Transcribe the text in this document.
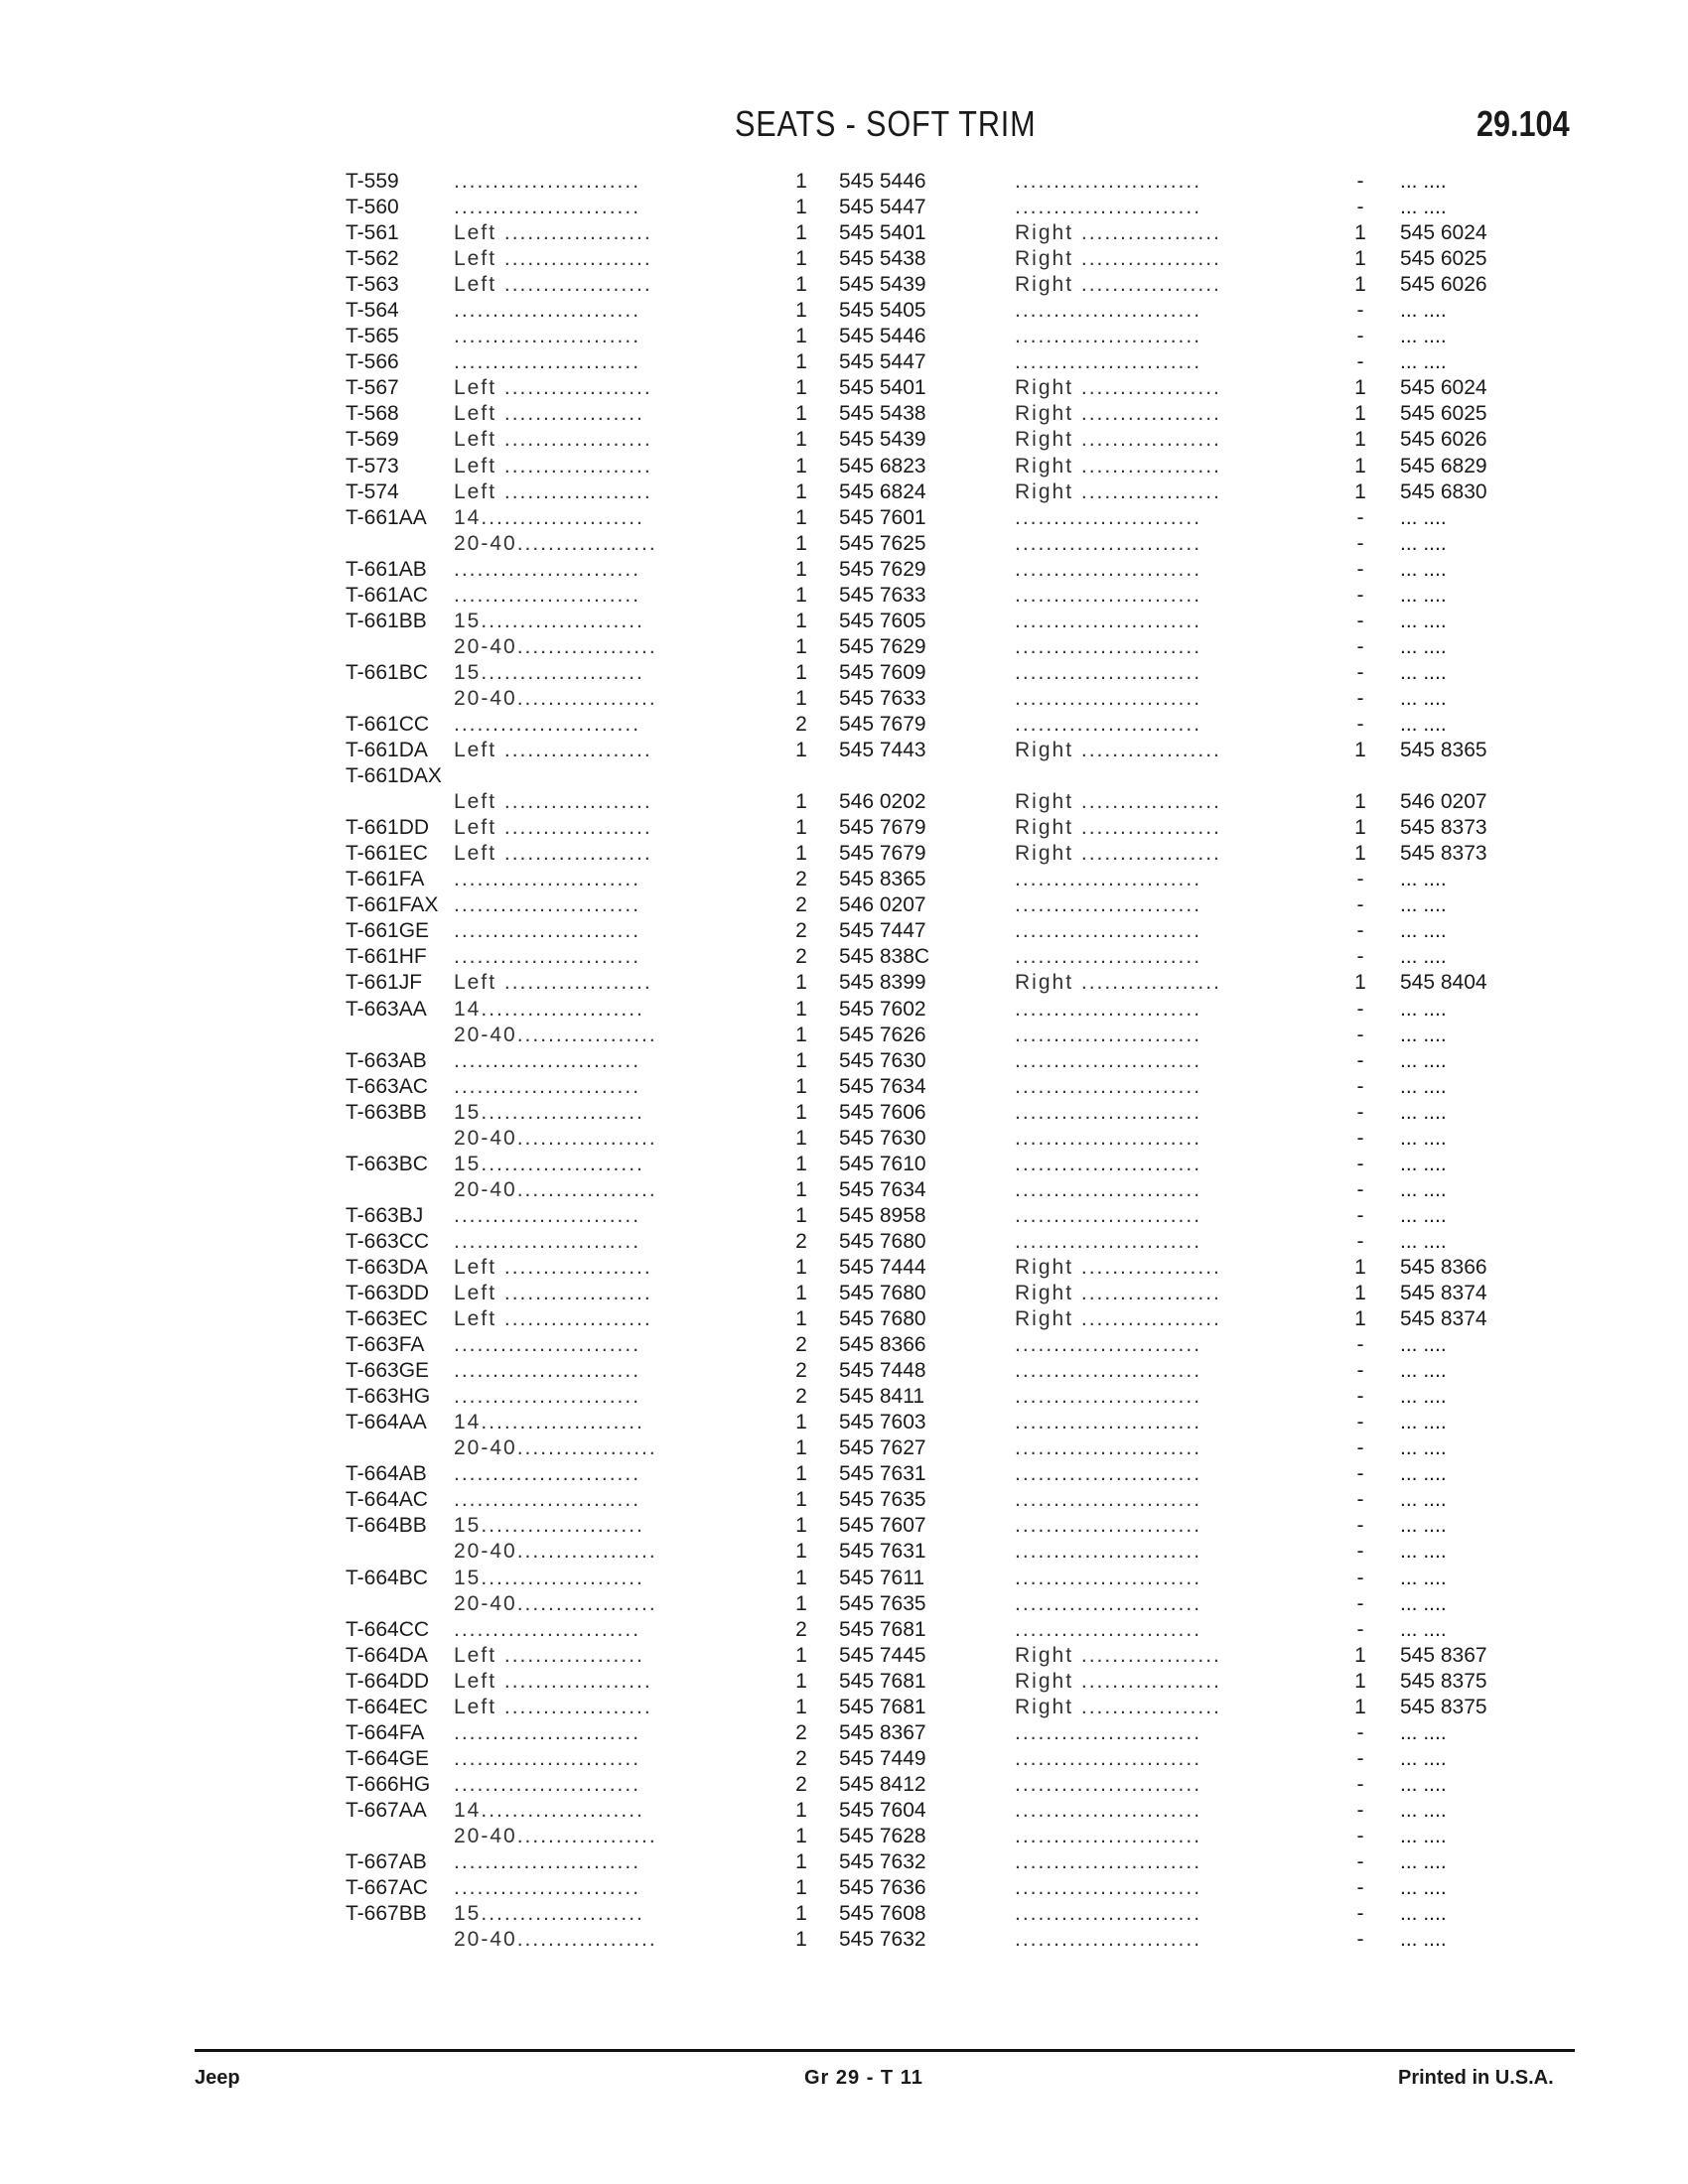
SEATS - SOFT TRIM	29.104
T-559	........................	1 545 5446	........................	- ... ....
T-560	........................	1 545 5447	........................	- ... ....
T-561	Left ...................	1 545 5401	Right ..................	1 545 6024
T-562	Left ...................	1 545 5438	Right ..................	1 545 6025
T-563	Left ...................	1 545 5439	Right ..................	1 545 6026
T-564	........................	1 545 5405	........................	- ... ....
T-565	........................	1 545 5446	........................	- ... ....
T-566	........................	1 545 5447	........................	- ... ....
T-567	Left ...................	1 545 5401	Right ..................	1 545 6024
T-568	Left ..................	1 545 5438	Right ..................	1 545 6025
T-569	Left ...................	1 545 5439	Right ..................	1 545 6026
T-573	Left ...................	1 545 6823	Right ..................	1 545 6829
T-574	Left ...................	1 545 6824	Right ..................	1 545 6830
T-661AA 14.....................	1 545 7601	........................	- ... ....
20-40..................	1 545 7625	........................	- ... ....
T-661AB ........................	1 545 7629	........................	- ... ....
T-661AC ........................	1 545 7633	........................	- ... ....
T-661BB 15.....................	1 545 7605	........................	- ... ....
20-40..................	1 545 7629	........................	- ... ....
T-661BC 15.....................	1 545 7609	........................	- ... ....
20-40..................	1 545 7633	........................	- ... ....
T-661CC ........................	2 545 7679	........................	- ... ....
T-661DA Left ...................	1 545 7443	Right ..................	1 545 8365
T-661DAX
Left ...................	1 546 0202	Right ..................	1 546 0207
T-661DD Left ...................	1 545 7679	Right ..................	1 545 8373
T-661EC Left ...................	1 545 7679	Right ..................	1 545 8373
T-661FA ........................	2 545 8365	........................	- ... ....
T-661FAX ........................	2 546 0207	........................	- ... ....
T-661GE ........................	2 545 7447	........................	- ... ....
T-661HF ........................	2 545 838C	........................	- ... ....
T-661JF Left ...................	1 545 8399	Right ..................	1 545 8404
T-663AA 14.....................	1 545 7602	........................	- ... ....
20-40..................	1 545 7626	........................	- ... ....
T-663AB ........................	1 545 7630	........................	- ... ....
T-663AC ........................	1 545 7634	........................	- ... ....
T-663BB 15.....................	1 545 7606	........................	- ... ....
20-40..................	1 545 7630	........................	- ... ....
T-663BC 15.....................	1 545 7610	........................	- ... ....
20-40..................	1 545 7634	........................	- ... ....
T-663BJ ........................	1 545 8958	........................	- ... ....
T-663CC ........................	2 545 7680	........................	- ... ....
T-663DA Left ...................	1 545 7444	Right ..................	1 545 8366
T-663DD Left ...................	1 545 7680	Right ..................	1 545 8374
T-663EC Left ...................	1 545 7680	Right ..................	1 545 8374
T-663FA ........................	2 545 8366	........................	- ... ....
T-663GE ........................	2 545 7448	........................	- ... ....
T-663HG ........................	2 545 8411	........................	- ... ....
T-664AA 14.....................	1 545 7603	........................	- ... ....
20-40..................	1 545 7627	........................	- ... ....
T-664AB ........................	1 545 7631	........................	- ... ....
T-664AC ........................	1 545 7635	........................	- ... ....
T-664BB 15.....................	1 545 7607	........................	- ... ....
20-40..................	1 545 7631	........................	- ... ....
T-664BC 15.....................	1 545 7611	........................	- ... ....
20-40..................	1 545 7635	........................	- ... ....
T-664CC ........................	2 545 7681	........................	- ... ....
T-664DA Left ..................	1 545 7445	Right ..................	1 545 8367
T-664DD Left ...................	1 545 7681	Right ..................	1 545 8375
T-664EC Left ...................	1 545 7681	Right ..................	1 545 8375
T-664FA ........................	2 545 8367	........................	- ... ....
T-664GE ........................	2 545 7449	........................	- ... ....
T-666HG ........................	2 545 8412	........................	- ... ....
T-667AA 14.....................	1 545 7604	........................	- ... ....
20-40..................	1 545 7628	........................	- ... ....
T-667AB ........................	1 545 7632	........................	- ... ....
T-667AC ........................	1 545 7636	........................	- ... ....
T-667BB 15.....................	1 545 7608	........................	- ... ....
20-40..................	1 545 7632	........................	- ... ....
Jeep	Gr 29 - T 11	Printed in U.S.A.
